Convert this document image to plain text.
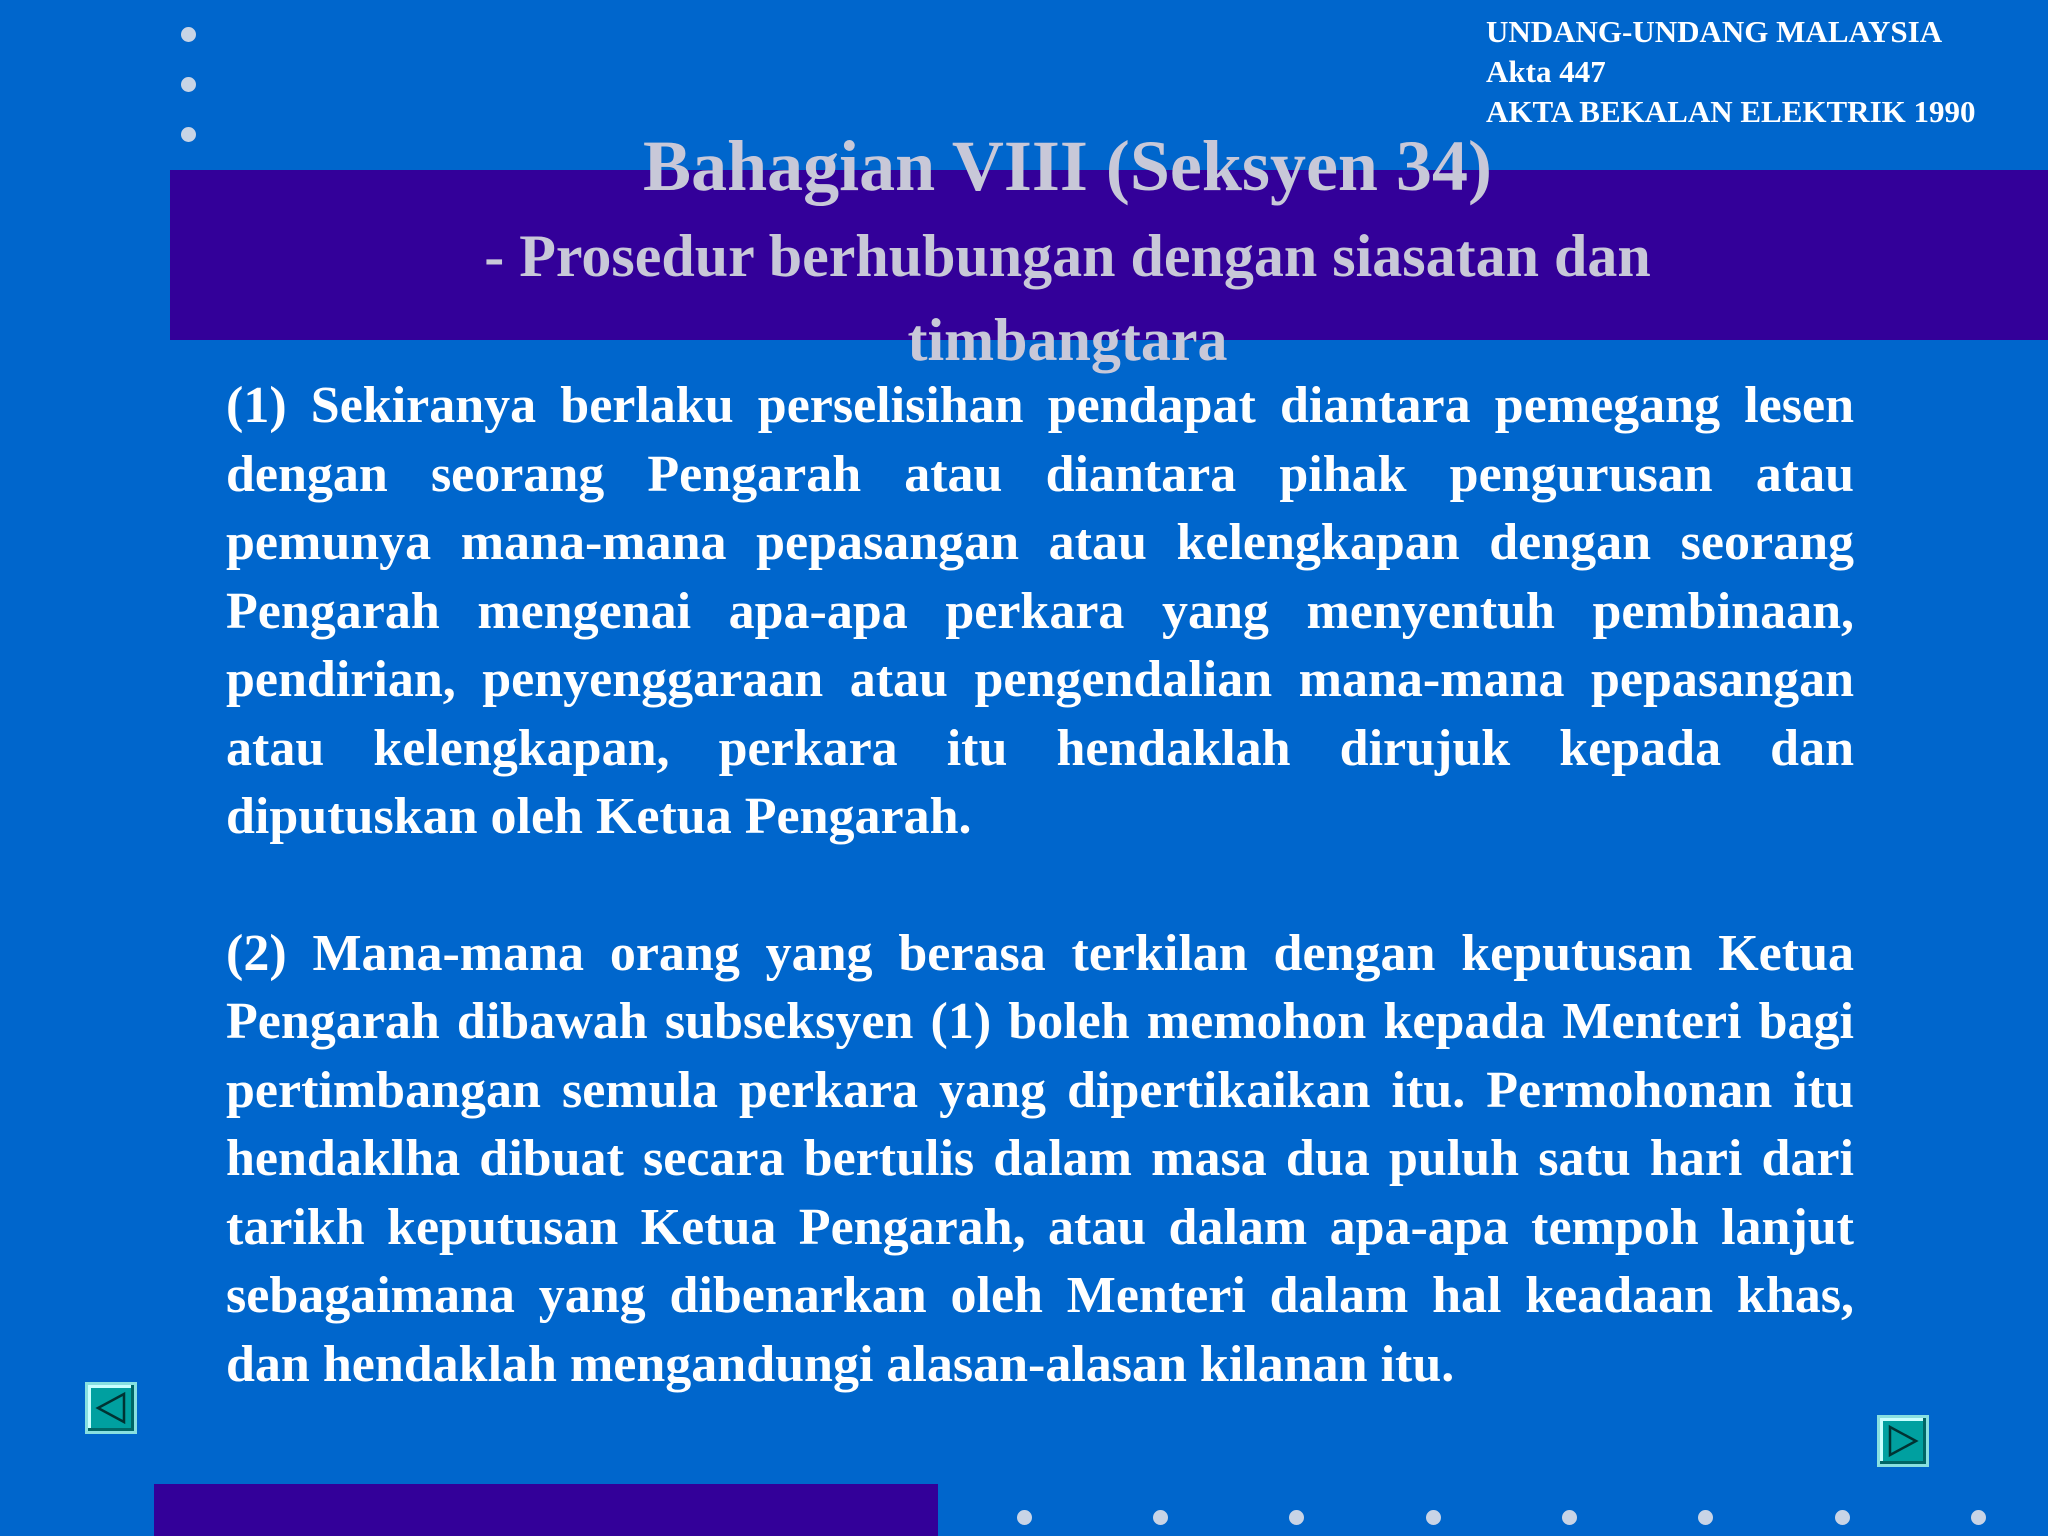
UNDANG-UNDANG MALAYSIA
Akta 447
AKTA BEKALAN ELEKTRIK 1990
Bahagian VIII (Seksyen 34)
- Prosedur berhubungan dengan siasatan dan timbangtara

(1) Sekiranya berlaku perselisihan pendapat diantara pemegang lesen dengan seorang Pengarah atau diantara pihak pengurusan atau pemunya mana-mana pepasangan atau kelengkapan dengan seorang Pengarah mengenai apa-apa perkara yang menyentuh pembinaan, pendirian, penyenggaraan atau pengendalian mana-mana pepasangan atau kelengkapan, perkara itu hendaklah dirujuk kepada dan diputuskan oleh Ketua Pengarah.

(2) Mana-mana orang yang berasa terkilan dengan keputusan Ketua Pengarah dibawah subseksyen (1) boleh memohon kepada Menteri bagi pertimbangan semula perkara yang dipertikaikan itu. Permohonan itu hendaklha dibuat secara bertulis dalam masa dua puluh satu hari dari tarikh keputusan Ketua Pengarah, atau dalam apa-apa tempoh lanjut sebagaimana yang dibenarkan oleh Menteri dalam hal keadaan khas, dan hendaklah mengandungi alasan-alasan kilanan itu.
